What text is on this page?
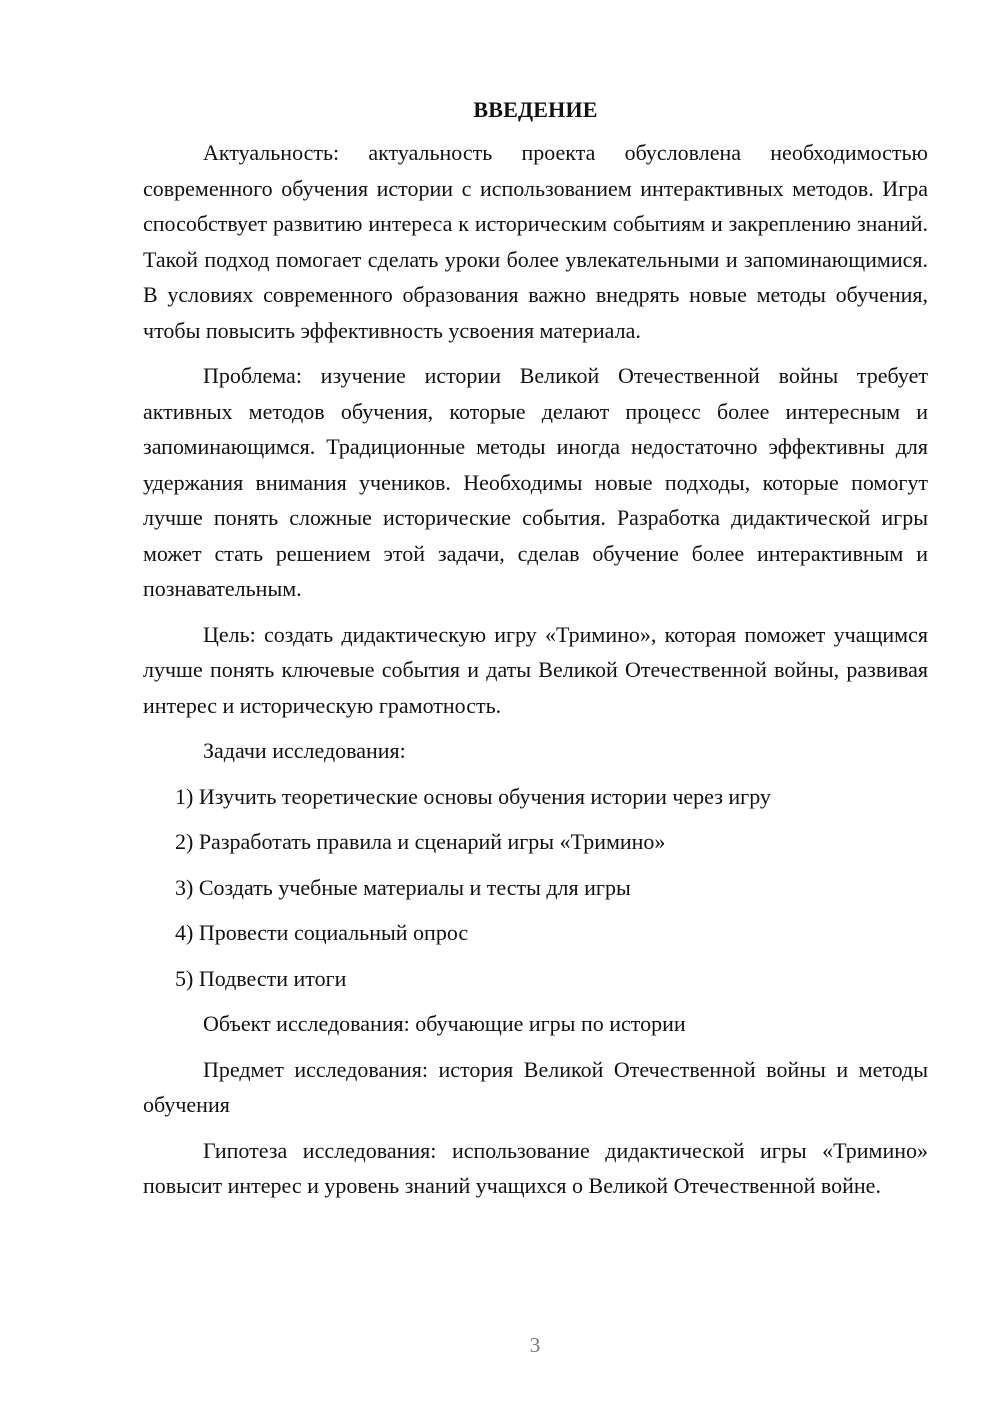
ВВЕДЕНИЕ

Актуальность: актуальность проекта обусловлена необходимостью современного обучения истории с использованием интерактивных методов. Игра способствует развитию интереса к историческим событиям и закреплению знаний. Такой подход помогает сделать уроки более увлекательными и запоминающимися. В условиях современного образования важно внедрять новые методы обучения, чтобы повысить эффективность усвоения материала.

Проблема: изучение истории Великой Отечественной войны требует активных методов обучения, которые делают процесс более интересным и запоминающимся. Традиционные методы иногда недостаточно эффективны для удержания внимания учеников. Необходимы новые подходы, которые помогут лучше понять сложные исторические события. Разработка дидактической игры может стать решением этой задачи, сделав обучение более интерактивным и познавательным.

Цель: создать дидактическую игру «Тримино», которая поможет учащимся лучше понять ключевые события и даты Великой Отечественной войны, развивая интерес и историческую грамотность.

Задачи исследования:
1) Изучить теоретические основы обучения истории через игру
2) Разработать правила и сценарий игры «Тримино»
3) Создать учебные материалы и тесты для игры
4) Провести социальный опрос
5) Подвести итоги

Объект исследования: обучающие игры по истории

Предмет исследования: история Великой Отечественной войны и методы обучения

Гипотеза исследования: использование дидактической игры «Тримино» повысит интерес и уровень знаний учащихся о Великой Отечественной войне.

3
